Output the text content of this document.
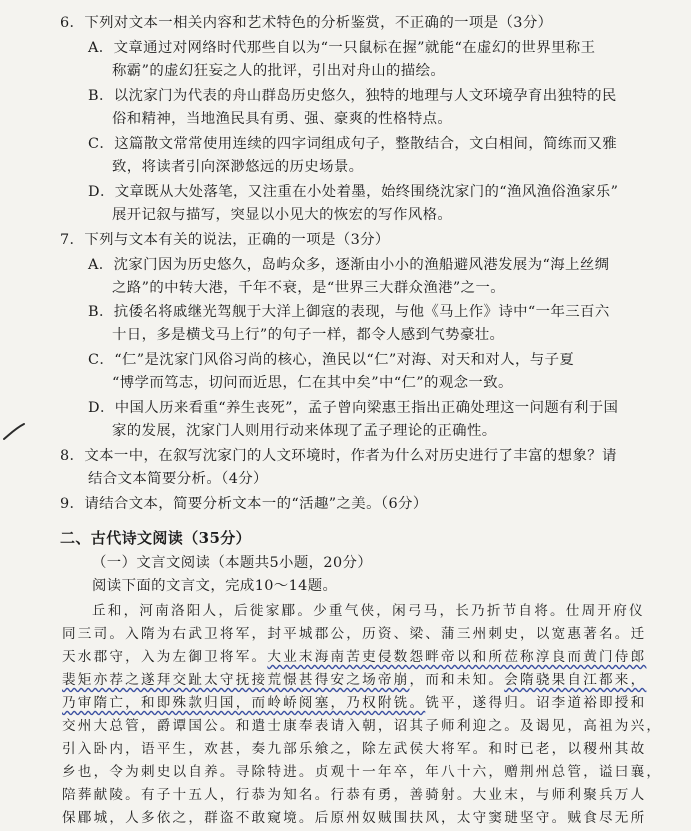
6．下列对文本一相关内容和艺术特色的分析鉴赏，不正确的一项是（3分）

A．文章通过对网络时代那些自以为“一只鼠标在握”就能“在虚幻的世界里称王

称霸”的虚幻狂妄之人的批评，引出对舟山的描绘。

B．以沈家门为代表的舟山群岛历史悠久，独特的地理与人文环境孕育出独特的民

俗和精神，当地渔民具有勇、强、豪爽的性格特点。

C．这篇散文常常使用连续的四字词组成句子，整散结合，文白相间，简练而又雅

致，将读者引向深渺悠远的历史场景。

D．文章既从大处落笔，又注重在小处着墨，始终围绕沈家门的“渔风渔俗渔家乐”

展开记叙与描写，突显以小见大的恢宏的写作风格。

7．下列与文本有关的说法，正确的一项是（3分）

A．沈家门因为历史悠久，岛屿众多，逐渐由小小的渔船避风港发展为“海上丝绸

之路”的中转大港，千年不衰，是“世界三大群众渔港”之一。

B．抗倭名将戚继光驾舰于大洋上御寇的表现，与他《马上作》诗中“一年三百六

十日，多是横戈马上行”的句子一样，都令人感到气势豪壮。

C．“仁”是沈家门风俗习尚的核心，渔民以“仁”对海、对天和对人，与子夏

“博学而笃志，切问而近思，仁在其中矣”中“仁”的观念一致。

D．中国人历来看重“养生丧死”，孟子曾向梁惠王指出正确处理这一问题有利于国

家的发展，沈家门人则用行动来体现了孟子理论的正确性。

8．文本一中，在叙写沈家门的人文环境时，作者为什么对历史进行了丰富的想象？请

结合文本简要分析。（4分）

9．请结合文本，简要分析文本一的“活趣”之美。（6分）

二、古代诗文阅读（35分）

（一）文言文阅读（本题共5小题，20分）

阅读下面的文言文，完成10～14题。

丘和，河南洛阳人，后徙家郿。少重气侠，闲弓马，长乃折节自将。仕周开府仪

同三司。入隋为右武卫将军，封平城郡公，历资、梁、蒲三州刺史，以宽惠著名。迁

天水郡守，入为左御卫将军。大业末海南苦吏侵数怨畔帝以和所莅称淳良而黄门侍郎

裴矩亦荐之遂拜交趾太守抚接荒憬甚得安之场帝崩，而和未知。会隋骁果自江都来，

乃审隋亡，和即殊款归国，而岭峤阅塞，乃权附铣。铣平，遂得归。诏李道裕即授和

交州大总管，爵谭国公。和遣士康奉表请入朝，诏其子师利迎之。及谒见，高祖为兴，

引入卧内，语平生，欢甚，奏九部乐飨之，除左武侯大将军。和时已老，以稷州其故

乡也，令为刺史以自养。寻除特进。贞观十一年卒，年八十六，赠荆州总管，谥曰襄，

陪葬献陵。有子十五人，行恭为知名。行恭有勇，善骑射。大业末，与师利聚兵万人

保郿城，人多依之，群盗不敢窥境。后原州奴贼围扶风，太守窦琎坚守。贼食尽无所
